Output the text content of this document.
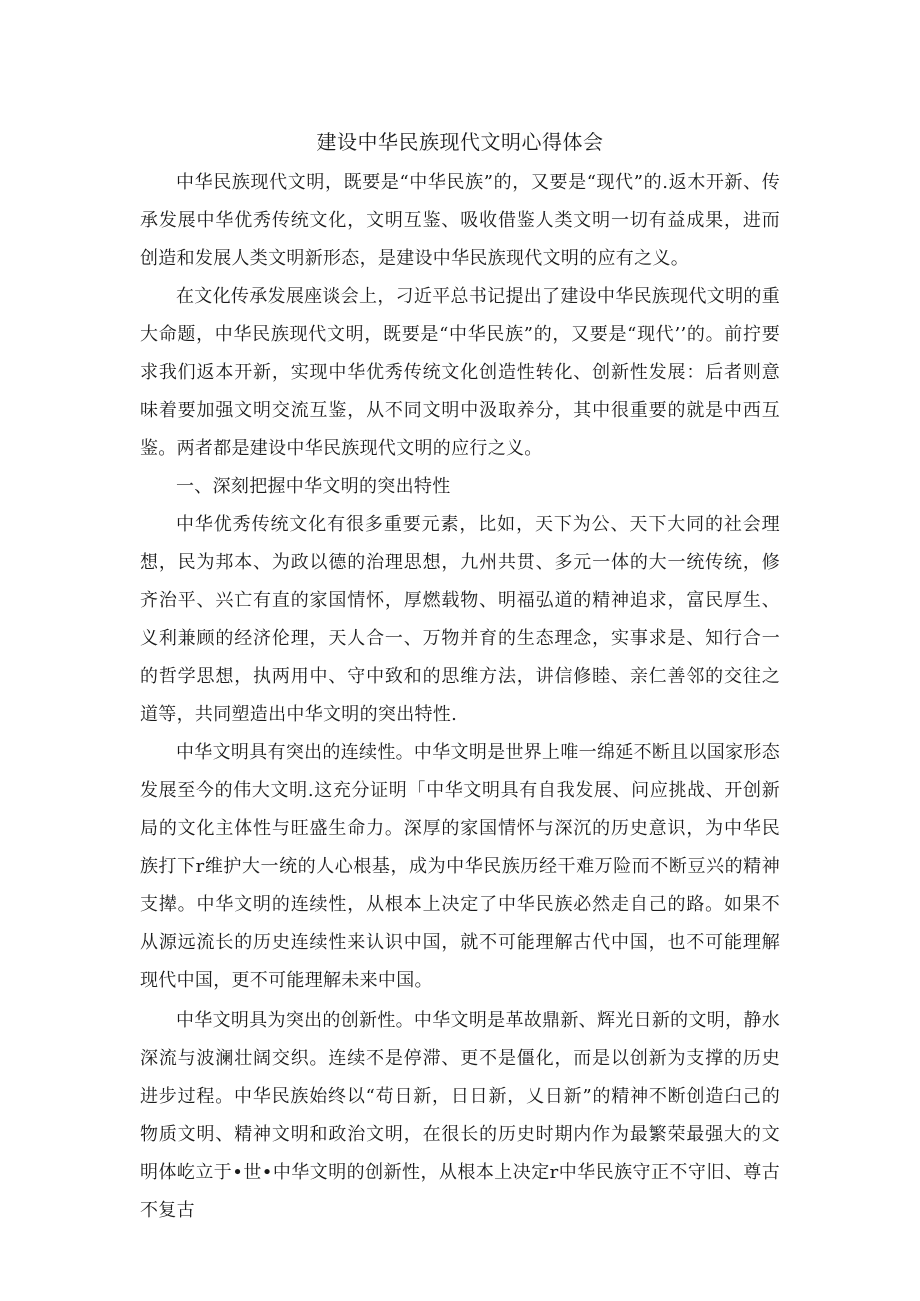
建设中华民族现代文明心得体会

中华民族现代文明，既要是“中华民族”的，又要是“现代”的.返木开新、传承发展中华优秀传统文化，文明互鉴、吸收借鉴人类文明一切有益成果，进而创造和发展人类文明新形态，是建设中华民族现代文明的应有之义。

在文化传承发展座谈会上，刁近平总书记提出了建设中华民族现代文明的重大命题，中华民族现代文明，既要是“中华民族”的，又要是“现代’’的。前拧要求我们返本开新，实现中华优秀传统文化创造性转化、创新性发展：后者则意味着要加强文明交流互鉴，从不同文明中汲取养分，其中很重要的就是中西互鉴。两者都是建设中华民族现代文明的应行之义。

一、深刻把握中华文明的突出特性

中华优秀传统文化有很多重要元素，比如，天下为公、天下大同的社会理想，民为邦本、为政以德的治理思想，九州共贯、多元一体的大一统传统，修齐治平、兴亡有直的家国情怀，厚燃载物、明福弘道的精神追求，富民厚生、义利兼顾的经济伦理，天人合一、万物并育的生态理念，实事求是、知行合一的哲学思想，执两用中、守中致和的思维方法，讲信修睦、亲仁善邻的交往之道等，共同塑造出中华文明的突出特性.

中华文明具有突出的连续性。中华文明是世界上唯一绵延不断且以国家形态发展至今的伟大文明.这充分证明「中华文明具有自我发展、问应挑战、开创新局的文化主体性与旺盛生命力。深厚的家国情怀与深沉的历史意识，为中华民族打下r维护大一统的人心根基，成为中华民族历经干难万险而不断豆兴的精神支撵。中华文明的连续性，从根本上决定了中华民族必然走自己的路。如果不从源远流长的历史连续性来认识中国，就不可能理解古代中国，也不可能理解现代中国，更不可能理解未来中国。

中华文明具为突出的创新性。中华文明是革故鼎新、辉光日新的文明，静水深流与波澜壮阔交织。连续不是停滞、更不是僵化，而是以创新为支撑的历史进步过程。中华民族始终以“苟日新，日日新，乂日新”的精神不断创造臼己的物质文明、精神文明和政治文明，在很长的历史时期内作为最繁荣最强大的文明体屹立于•世•中华文明的创新性，从根本上决定r中华民族守正不守旧、尊古不复古
